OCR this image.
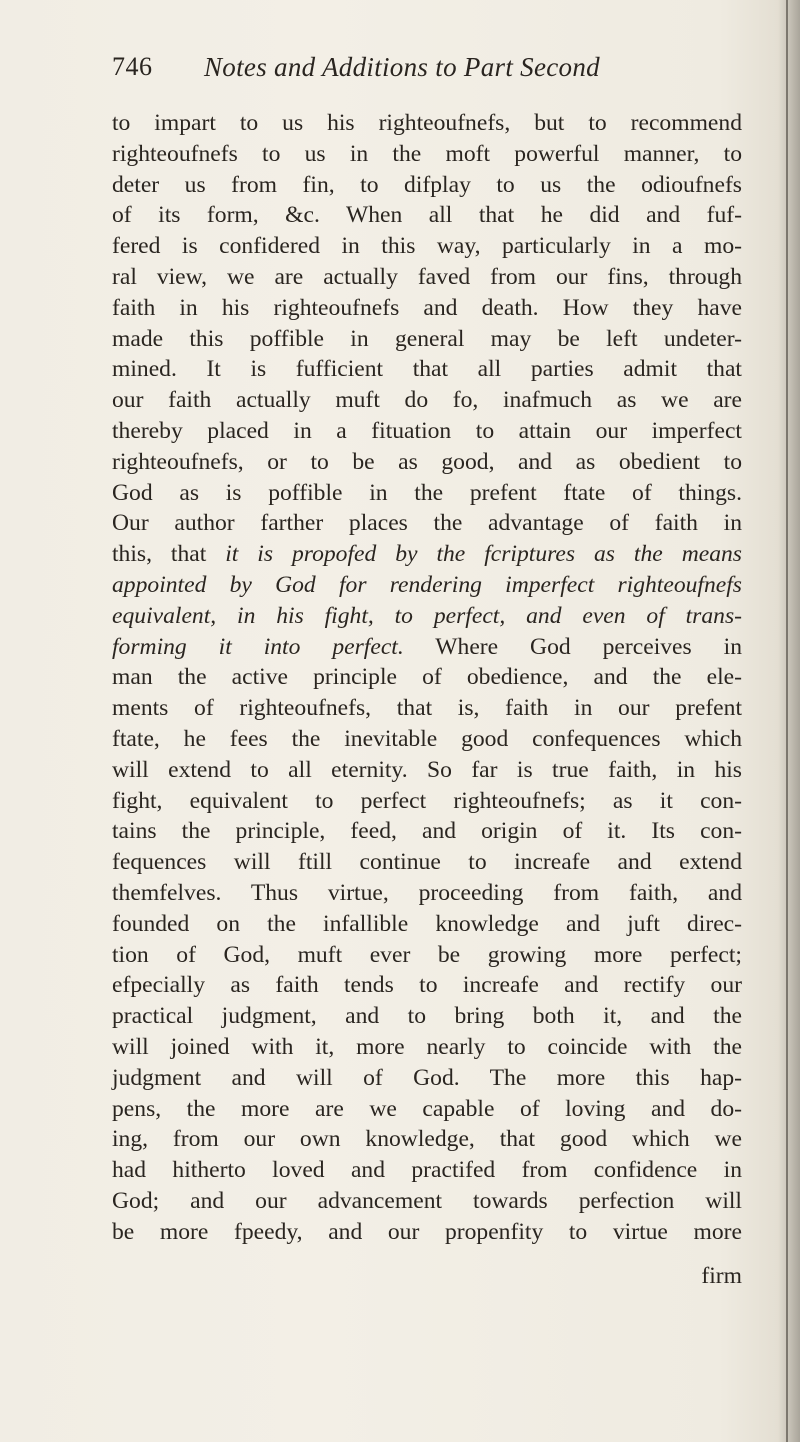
746 Notes and Additions to Part Second
to impart to us his righteoufnefs, but to recommend
righteoufnefs to us in the moft powerful manner, to
deter us from fin, to difplay to us the odioufnefs
of its form, &c. When all that he did and fuf-
fered is confidered in this way, particularly in a mo-
ral view, we are actually faved from our fins, through
faith in his righteoufnefs and death. How they have
made this poffible in general may be left undeter-
mined. It is fufficient that all parties admit that
our faith actually muft do fo, inafmuch as we are
thereby placed in a fituation to attain our imperfect
righteoufnefs, or to be as good, and as obedient to
God as is poffible in the prefent ftate of things.
Our author farther places the advantage of faith in
this, that it is propofed by the fcriptures as the means
appointed by God for rendering imperfect righteoufnefs
equivalent, in his fight, to perfect, and even of trans-
forming it into perfect. Where God perceives in
man the active principle of obedience, and the ele-
ments of righteoufnefs, that is, faith in our prefent
ftate, he fees the inevitable good confequences which
will extend to all eternity. So far is true faith, in his
fight, equivalent to perfect righteoufnefs; as it con-
tains the principle, feed, and origin of it. Its con-
fequences will ftill continue to increafe and extend
themfelves. Thus virtue, proceeding from faith, and
founded on the infallible knowledge and juft direc-
tion of God, muft ever be growing more perfect;
efpecially as faith tends to increafe and rectify our
practical judgment, and to bring both it, and the
will joined with it, more nearly to coincide with the
judgment and will of God. The more this hap-
pens, the more are we capable of loving and do-
ing, from our own knowledge, that good which we
had hitherto loved and practifed from confidence in
God; and our advancement towards perfection will
be more fpeedy, and our propenfity to virtue more
firm
